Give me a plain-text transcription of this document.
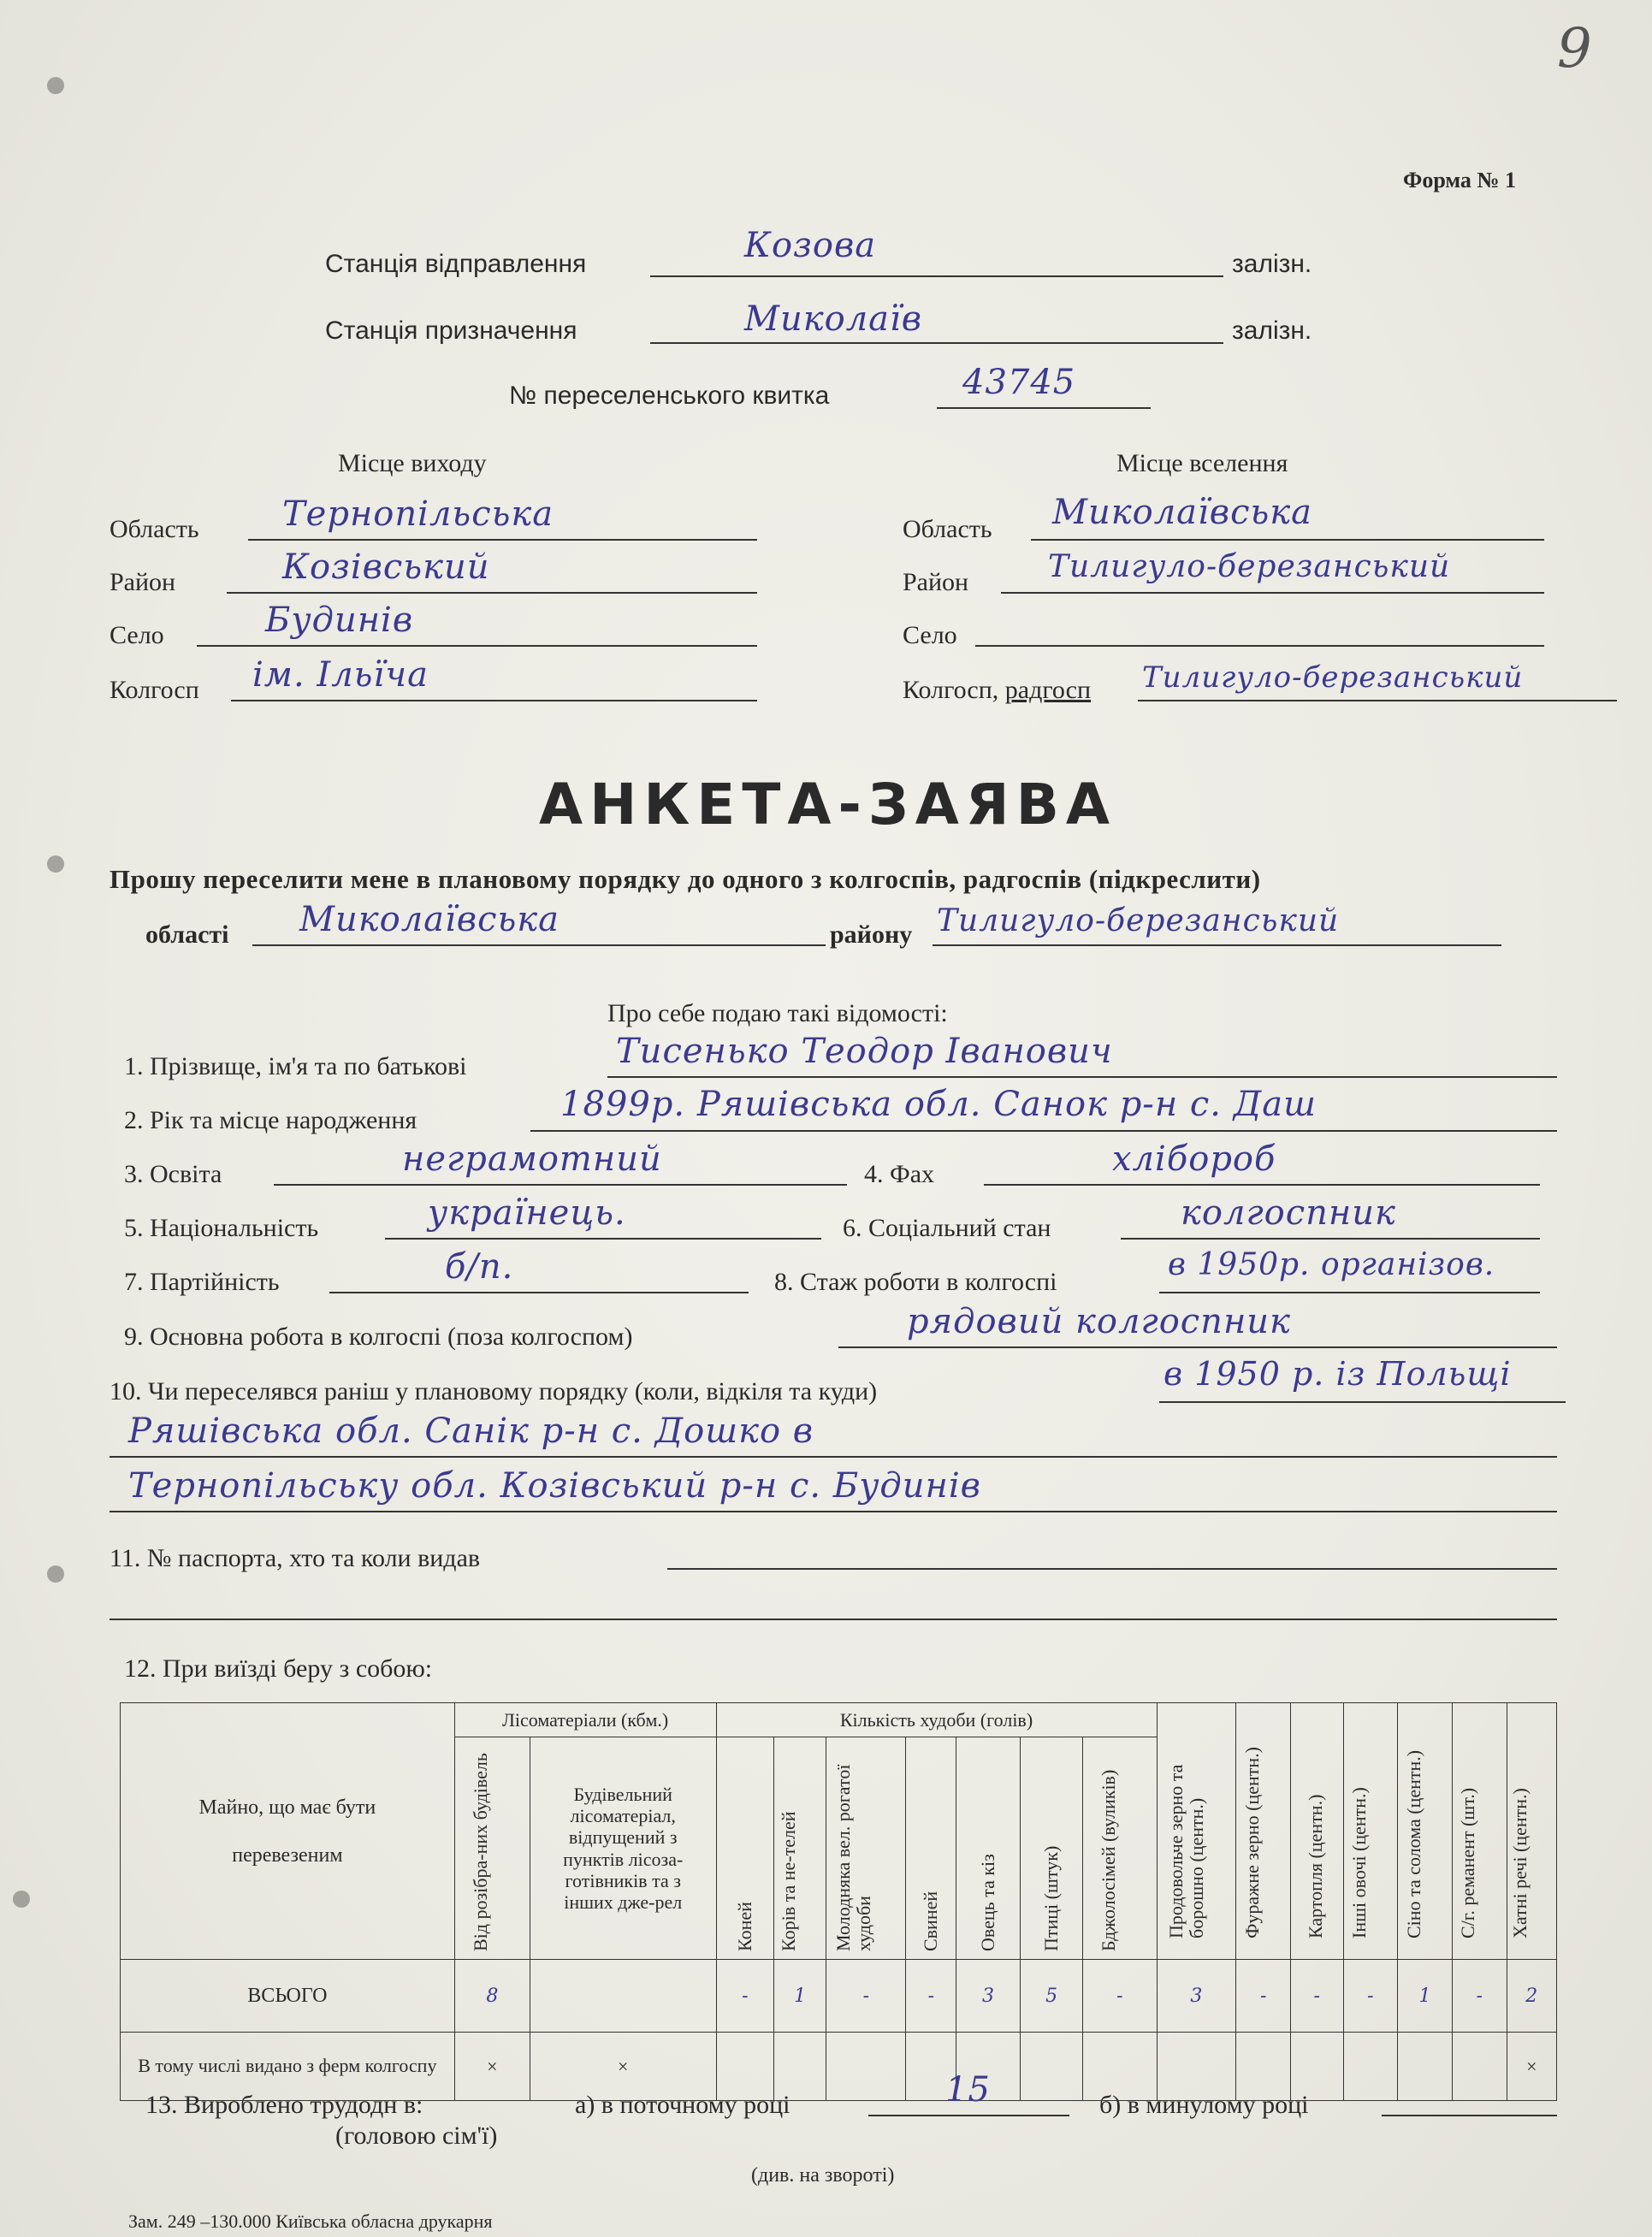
9
Форма № 1
Станція відправлення	Козова	залізн.
Станція призначення	Миколаїв	залізн.
№ переселенського квитка	43745
Місце виходу	Місце вселення
Область Тернопільська
Район	Козівський
Село	Будинів
Колгосп ім. Ільїча
Область Миколаївська
Район	Тилигуло-березанський
Село
Колгосп, радгосп Тилигуло-березанський
АНКЕТА-ЗАЯВА
Прошу переселити мене в плановому порядку до одного з колгоспів, радгоспів (підкреслити)
області Миколаївська	району Тилигуло-березанський
Про себе подаю такі відомості:
1. Прізвище, ім'я та по батькові	Тисенько Теодор Іванович
2. Рік та місце народження	1899р. Ряшівська обл. Санок р-н с. Даш
3. Освіта	неграмотний	4. Фах	хлібороб
5. Національність	українець.	6. Соціальний стан	колгоспник
7. Партійність	б/п.	8. Стаж роботи в колгоспі	в 1950р. організов.
9. Основна робота в колгоспі (поза колгоспом)	рядовий колгоспник
10. Чи переселявся раніш у плановому порядку (коли, відкіля та куди)	в 1950 р. із Польщі
Ряшівська обл. Санік р-н с. Дошко в
Тернопільську обл. Козівський р-н с. Будинів
11. № паспорта, хто та коли видав
12. При виїзді беру з собою:
Майно, що має бути перевезеним	Лісоматеріали (кбм.)		Кількість худоби (голів)							Продовольче зерно та борошно (центн.)	Фуражне зерно (центн.)	Картопля (центн.)	Інші овочі (центн.)	Сіно та солома (центн.)	С/г. реманент (шт.)	Хатні речі (центн.)

	Від розібра-них будівель	Будівельний лісоматеріал, відпущений з пунктів лісоза-готівників та з інших дже-рел	Коней	Корів та не-телей	Молодняка вел. рогатої худоби	Свиней	Овець та кіз	Птиці (штук)	Бджолосімей (вуликів)							

ВСЬОГО	8		-	1	-	-	3	5	-	3	-	-	-	1	-	2
В тому числі видано з ферм колгоспу	×	×														×
13. Вироблено трудодн в:
(головою сім'ї)
а) в поточному році	15	б) в минулому році
(див. на звороті)
Зам. 249 –130.000 Київська обласна друкарня
